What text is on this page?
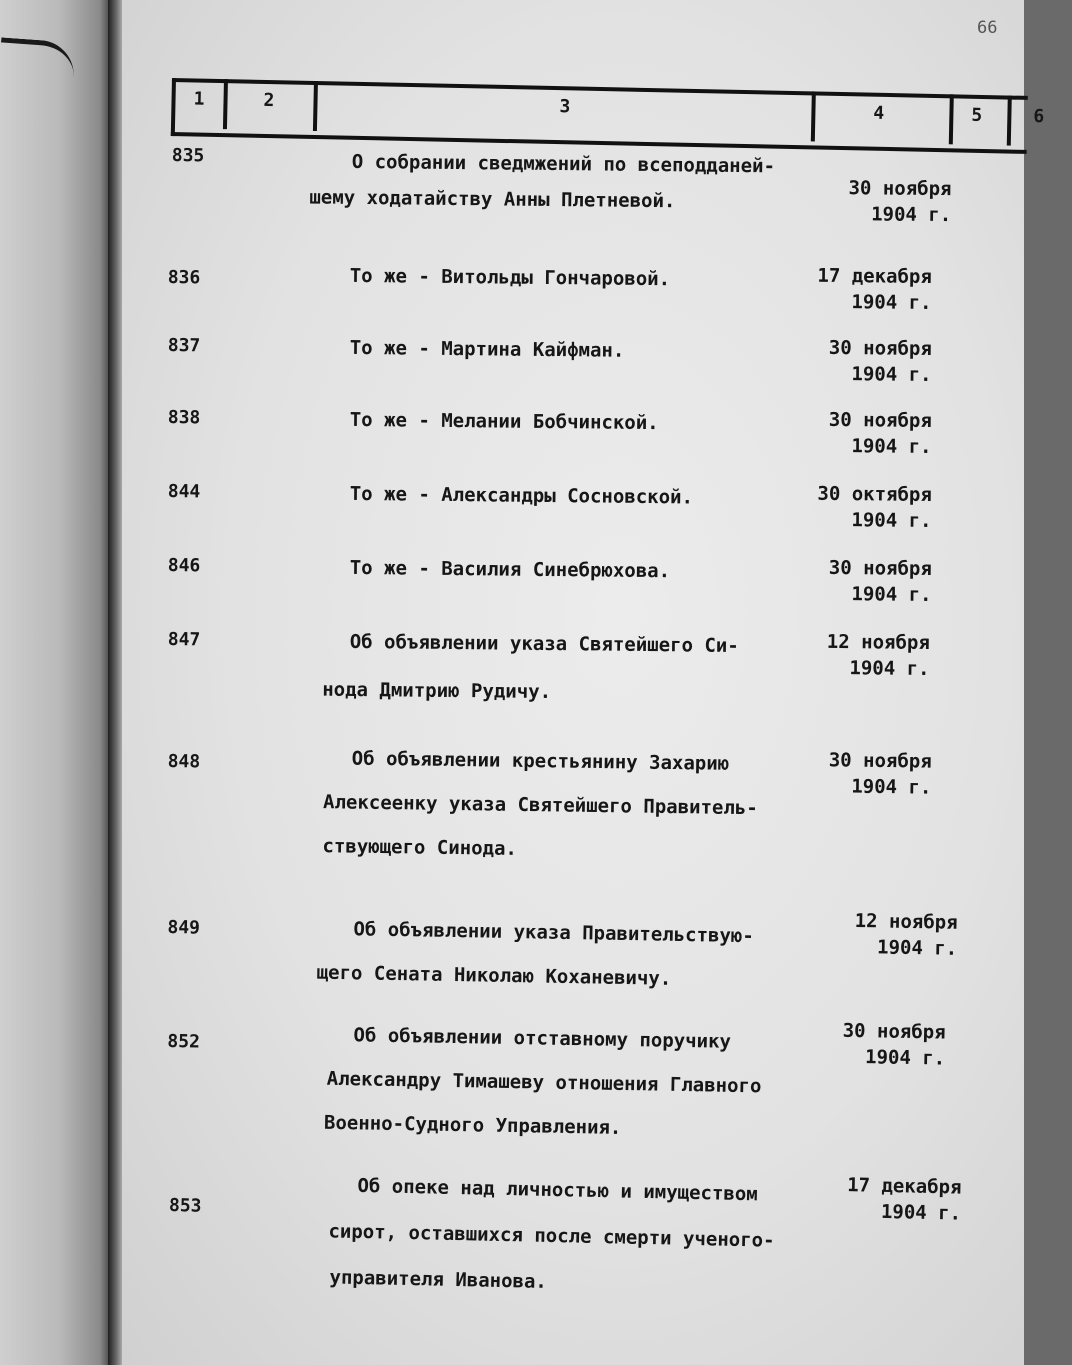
66
1	2	3	4	5	6
835	О собрании сведмжений по всеподданей-
шему ходатайству Анны Плетневой.	30 ноября
1904 г.
836	То же - Витольды Гончаровой.	17 декабря
1904 г.
837	То же - Мартина Кайфман.	30 ноября
1904 г.
838	То же - Мелании Бобчинской.	30 ноября
1904 г.
844	То же - Александры Сосновской.	30 октября
1904 г.
846	То же - Василия Синебрюхова.	30 ноября
1904 г.
847	Об объявлении указа Святейшего Си-
нода Дмитрию Рудичу.
12 ноября
1904 г.
848	Об объявлении крестьянину Захарию
Алексеенку указа Святейшего Правитель-
ствующего Синода.
30 ноября
1904 г.
849	Об объявлении указа Правительствую-
щего Сената Николаю Коханевичу.
12 ноября
1904 г.
852	Об объявлении отставному поручику
Александру Тимашеву отношения Главного
Военно-Судного Управления.
30 ноября
1904 г.
853
Об опеке над личностью и имуществом
сирот, оставшихся после смерти ученого-
управителя Иванова.
17 декабря
1904 г.
